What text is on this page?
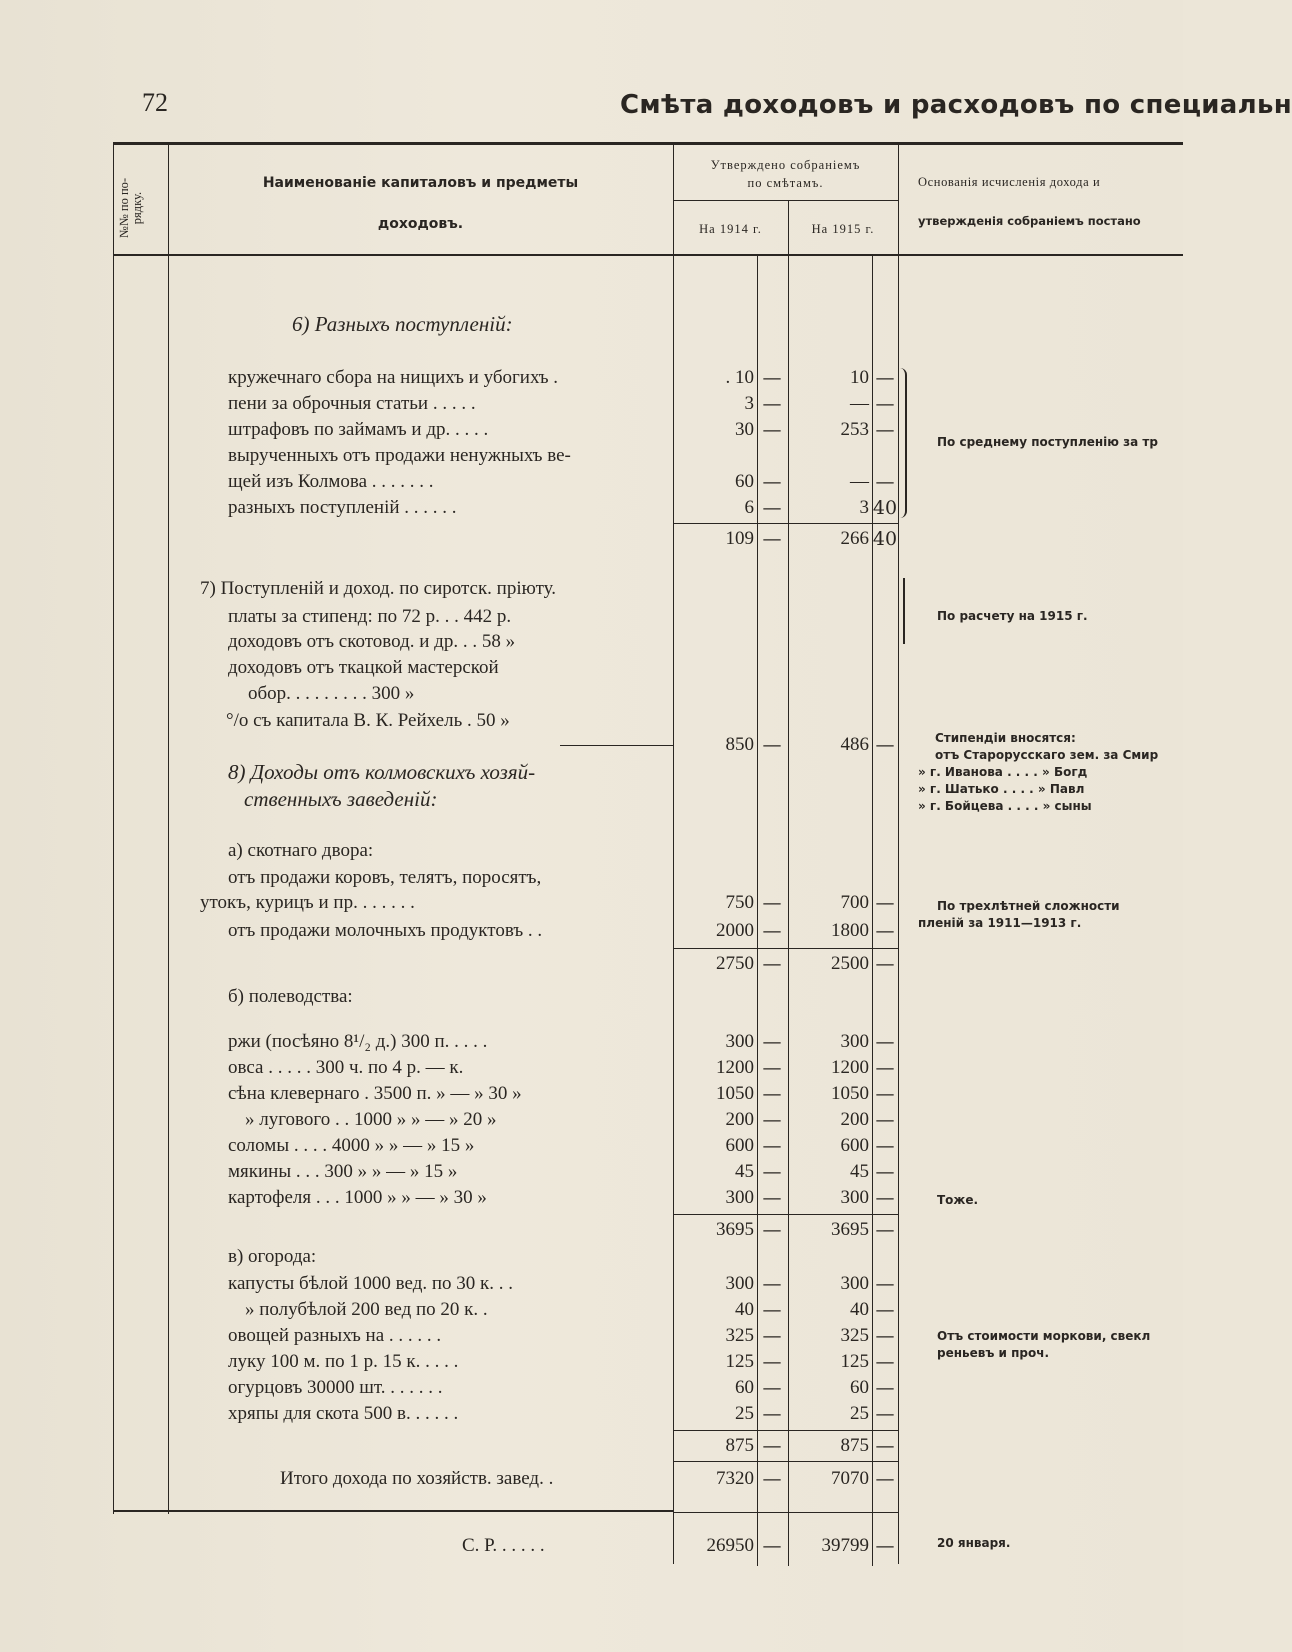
72	Смѣта доходовъ и расходовъ по специальн
№№ по по-
рядку.
Наименованіе капиталовъ и предметы
доходовъ.
Утверждено собраніемъ
по смѣтамъ.
На 1914 г.	На 1915 г.
Основанія исчисленія дохода и
утвержденія собраніемъ постано
6) Разныхъ поступленій:
кружечнаго сбора на нищихъ и убогихъ .	. 10 —	10 —
пени за оброчныя статьи . . . . .	3 —	— —
штрафовъ по займамъ и др. . . . .	30 —	253 —
вырученныхъ отъ продажи ненужныхъ ве-
щей изъ Колмова . . . . . . .	60 —	— —
разныхъ поступленій . . . . . .	6 —	3 40
109 —	266 40
7) Поступленій и доход. по сиротск. пріюту.
платы за стипенд: по 72 р. . . 442 р.
доходовъ отъ скотовод. и др. . . 58 »
доходовъ отъ ткацкой мастерской
обор. . . . . . . . . 300 »
°/o съ капитала В. К. Рейхель . 50 »
850 —	486 —
8) Доходы отъ колмовскихъ хозяй-
ственныхъ заведеній:
а) скотнаго двора:
отъ продажи коровъ, телятъ, поросятъ,
утокъ, курицъ и пр. . . . . . .	750 —	700 —
отъ продажи молочныхъ продуктовъ . .	2000 —	1800 —
2750 —	2500 —
б) полеводства:
ржи (посѣяно 8¹/₂ д.) 300 п. . . . .	300 —	300 —
овса . . . . . 300 ч. по 4 р. — к.	1200 —	1200 —
сѣна клевернаго . 3500 п. » — » 30 »	1050 —	1050 —
» лугового . . 1000 » » — » 20 »	200 —	200 —
соломы . . . . 4000 » » — » 15 »	600 —	600 —
мякины . . . 300 » » — » 15 »	45 —	45 —
картофеля . . . 1000 » » — » 30 »	300 —	300 —
3695 —	3695 —
в) огорода:
капусты бѣлой 1000 вед. по 30 к. . .	300 —	300 —
» полубѣлой 200 вед по 20 к. .	40 —	40 —
овощей разныхъ на . . . . . .	325 —	325 —
луку 100 м. по 1 р. 15 к. . . . .	125 —	125 —
огурцовъ 30000 шт. . . . . . .	60 —	60 —
хряпы для скота 500 в. . . . . .	25 —	25 —
875 —	875 —
Итого дохода по хозяйств. завед. .	7320 —	7070 —
С. Р. . . . . .	26950 —	39799 —
По среднему поступленію за тр
По расчету на 1915 г.
Стипендіи вносятся:
отъ Старорусскаго зем. за Смир
» г. Иванова . . . . » Богд
» г. Шатько . . . . » Павл
» г. Бойцева . . . . » сыны
По трехлѣтней сложности
пленій за 1911—1913 г.
Тоже.
Отъ стоимости моркови, свекл
реньевъ и проч.
20 января.
